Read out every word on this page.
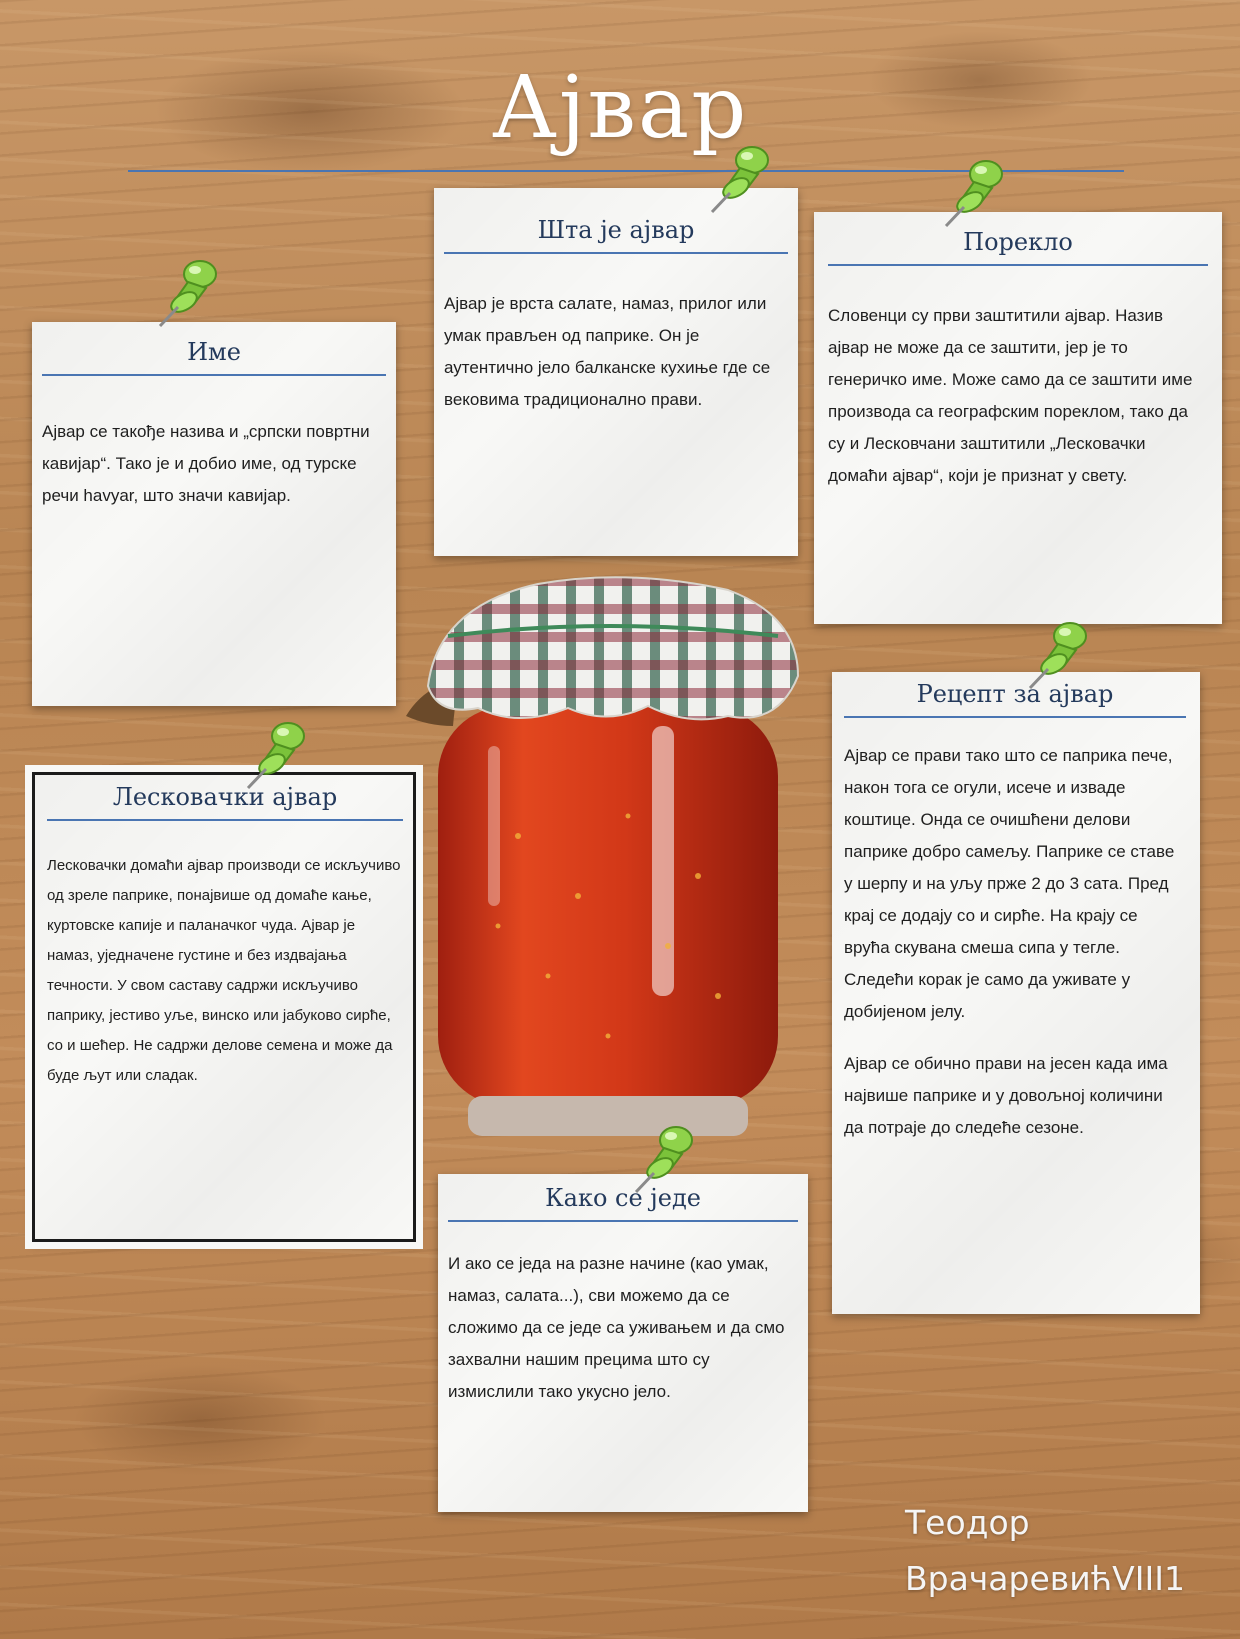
Ајвар
Име

Ајвар се такође назива и „српски повртни кавијар“. Тако је и добио име, од турске речи havyar, што значи кавијар.

Шта је ајвар

Ајвар је врста салате, намаз, прилог или умак прављен од паприке. Он је аутентично јело балканске кухиње где се вековима традиционално прави.

Порекло

Словенци су први заштитили ајвар. Назив ајвар не може да се заштити, јер је то генеричко име. Може само да се заштити име производа са географским пореклом, тако да су и Лесковчани заштитили „Лесковачки домаћи ајвар“, који је признат у свету.

Рецепт за ајвар

Ајвар се прави тако што се паприка пече, након тога се огули, исече и изваде коштице. Онда се очишћени делови паприке добро самељу. Паприке се ставе у шерпу и на уљу прже 2 до 3 сата. Пред крај се додају со и сирће. На крају се врућа скувана смеша сипа у тегле. Следећи корак је само да уживате у добијеном јелу.

Ајвар се обично прави на јесен када има највише паприке и у довољној количини да потраје до следеће сезоне.

Лесковачки ајвар

Лесковачки домаћи ајвар производи се искључиво од зреле паприке, понајвише од домаће кање, куртовске капије и паланачког чуда. Ајвар је намаз, уједначене густине и без издвајања течности. У свом саставу садржи искључиво паприку, јестиво уље, винско или јабуково сирће, со и шећер. Не садржи делове семена и може да буде љут или сладак.

Како се једе

И ако се једа на разне начине (као умак, намаз, салата...), сви можемо да се сложимо да се једе са уживањем и да смо захвални нашим прецима што су измислили тако укусно јело.

Теодор
ВрачаревићVIII1
